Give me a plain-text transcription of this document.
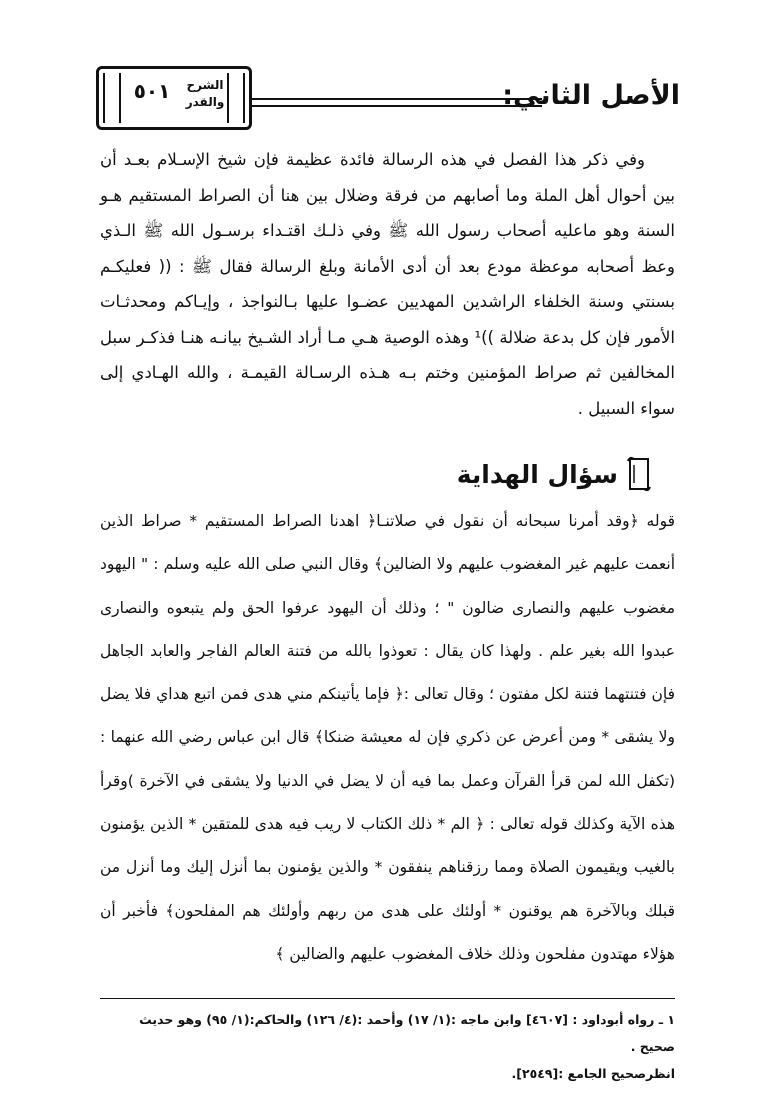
٥٠١	الشرح
والقدر	الأصل الثاني:

وفي ذكر هذا الفصل في هذه الرسالة فائدة عظيمة فإن شيخ الإسـلام بعـد أن بين أحوال أهل الملة وما أصابهم من فرقة وضلال بين هنا أن الصراط المستقيم هـو السنة وهو ماعليه أصحاب رسول الله ﷺ وفي ذلـك اقتـداء برسـول الله ﷺ الـذي وعظ أصحابه موعظة مودع بعد أن أدى الأمانة وبلغ الرسالة فقال ﷺ : (( فعليكـم بسنتي وسنة الخلفاء الراشدين المهديين عضـوا عليها بـالنواجذ ، وإيـاكم ومحدثـات الأمور فإن كل بدعة ضلالة ))¹ وهذه الوصية هـي مـا أراد الشـيخ بيانـه هنـا فذكـر سبل المخالفين ثم صراط المؤمنين وختم بـه هـذه الرسـالة القيمـة ، والله الهـادي إلى سواء السبيل .

سؤال الهداية

قوله ﴿وقد أمرنا سبحانه أن نقول في صلاتنـا﴿ اهدنا الصراط المستقيم * صراط الذين أنعمت عليهم غير المغضوب عليهم ولا الضالين﴾ وقال النبي صلى الله عليه وسلم : " اليهود مغضوب عليهم والنصارى ضالون " ؛ وذلك أن اليهود عرفوا الحق ولم يتبعوه والنصارى عبدوا الله بغير علم . ولهذا كان يقال : تعوذوا بالله من فتنة العالم الفاجر والعابد الجاهل فإن فتنتهما فتنة لكل مفتون ؛ وقال تعالى :﴿ فإما يأتينكم مني هدى فمن اتبع هداي فلا يضل ولا يشقى * ومن أعرض عن ذكري فإن له معيشة ضنكا﴾ قال ابن عباس رضي الله عنهما : (تكفل الله لمن قرأ القرآن وعمل بما فيه أن لا يضل في الدنيا ولا يشقى في الآخرة )وقرأ هذه الآية وكذلك قوله تعالى : ﴿ الم * ذلك الكتاب لا ريب فيه هدى للمتقين * الذين يؤمنون بالغيب ويقيمون الصلاة ومما رزقناهم ينفقون * والذين يؤمنون بما أنزل إليك وما أنزل من قبلك وبالآخرة هم يوقنون * أولئك على هدى من ربهم وأولئك هم المفلحون﴾ فأخبر أن هؤلاء مهتدون مفلحون وذلك خلاف المغضوب عليهم والضالين ﴾

١ ـ رواه أبوداود : [٤٦٠٧] وابن ماجه :(١/ ١٧) وأحمد :(٤/ ١٢٦) والحاكم:(١/ ٩٥) وهو حديث صحيح .

انظرصحيح الجامع :[٢٥٤٩].
